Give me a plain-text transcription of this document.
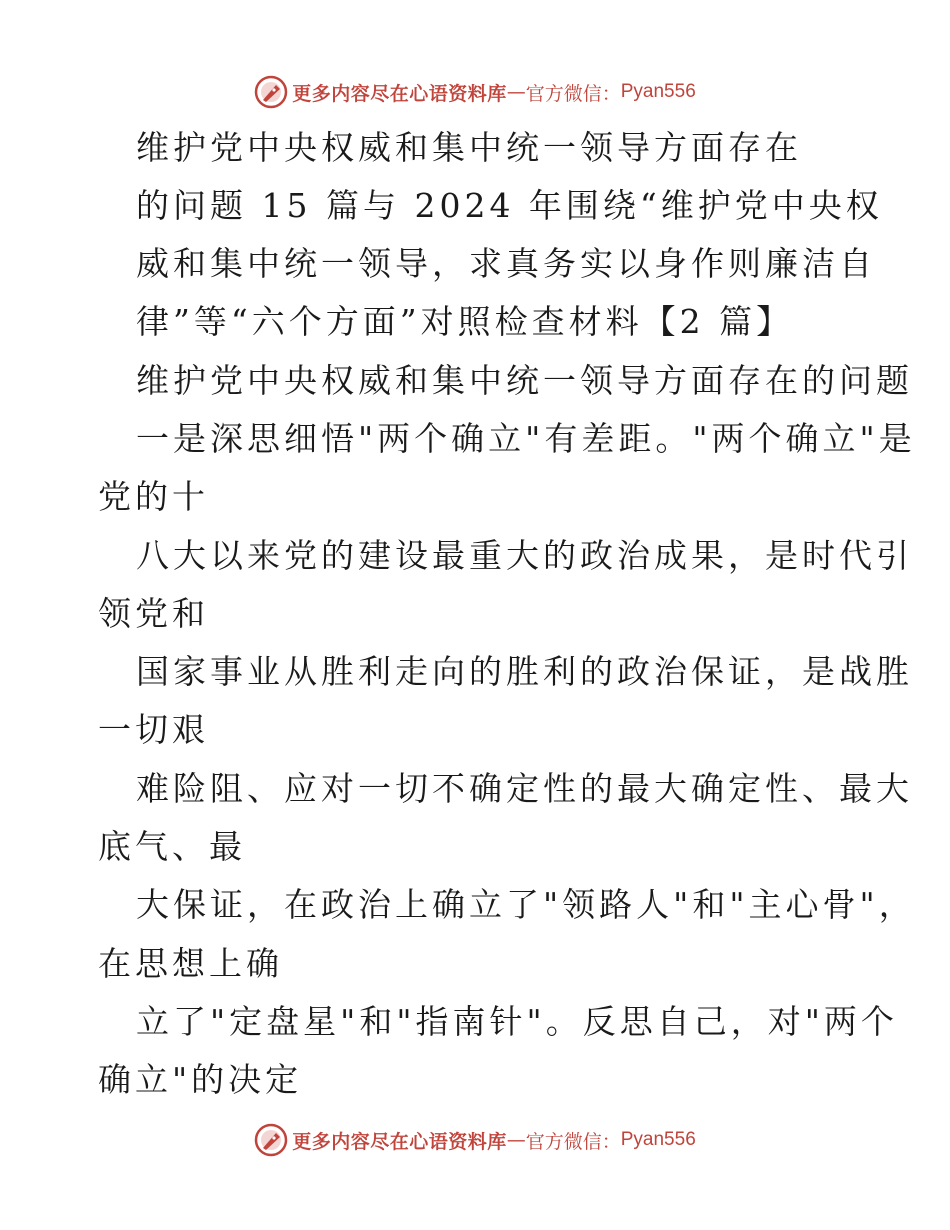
更多内容尽在心语资料库 — 官方微信： Pyan556
维护党中央权威和集中统一领导方面存在
的问题 15 篇与 2024 年围绕“维护党中央权
威和集中统一领导，求真务实以身作则廉洁自
律”等“六个方面”对照检查材料【2 篇】
维护党中央权威和集中统一领导方面存在的问题
一是深思细悟"两个确立"有差距。"两个确立"是
党的十
八大以来党的建设最重大的政治成果，是时代引
领党和
国家事业从胜利走向的胜利的政治保证，是战胜
一切艰
难险阻、应对一切不确定性的最大确定性、最大
底气、最
大保证，在政治上确立了"领路人"和"主心骨"，
在思想上确
立了"定盘星"和"指南针"。反思自己，对"两个
确立"的决定
更多内容尽在心语资料库 — 官方微信： Pyan556
